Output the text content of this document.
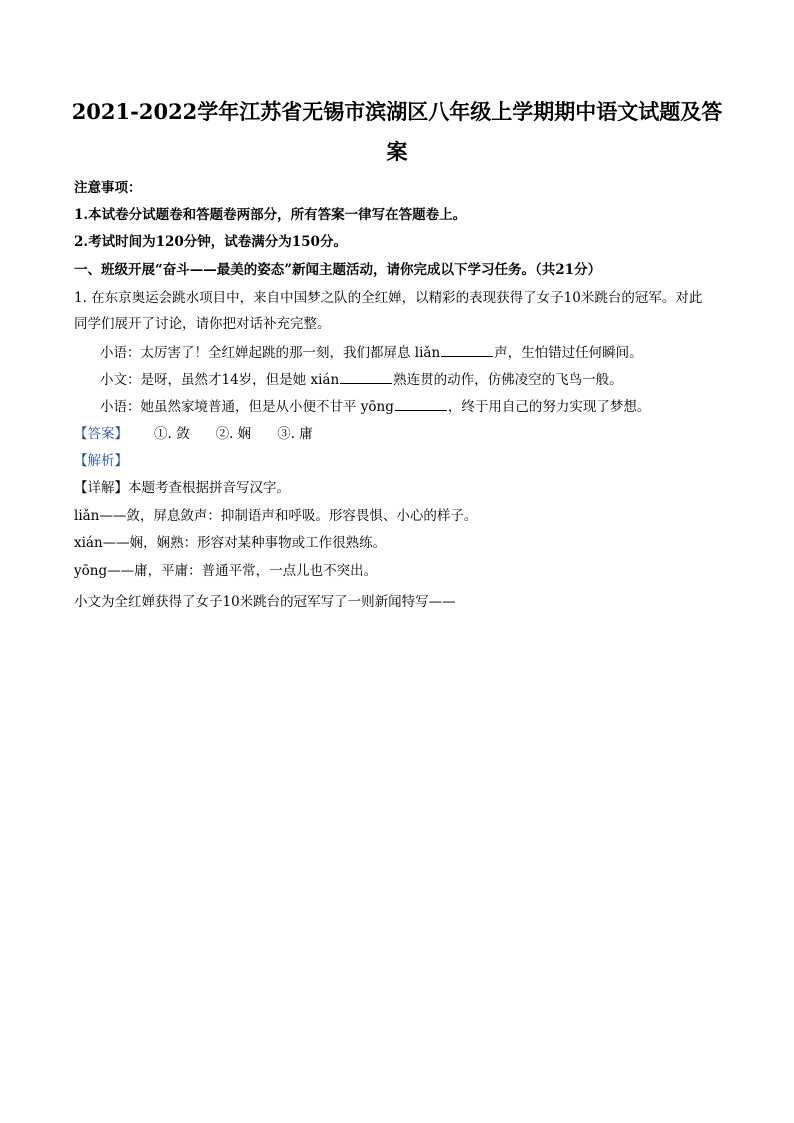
2021-2022学年江苏省无锡市滨湖区八年级上学期期中语文试题及答
案
注意事项：
1.本试卷分试题卷和答题卷两部分，所有答案一律写在答题卷上。
2.考试时间为120分钟，试卷满分为150分。
一、班级开展“奋斗——最美的姿态”新闻主题活动，请你完成以下学习任务。（共21分）
1. 在东京奥运会跳水项目中，来自中国梦之队的全红婵，以精彩的表现获得了女子10米跳台的冠军。对此
同学们展开了讨论，请你把对话补充完整。
小语：太厉害了！全红婵起跳的那一刻，我们都屏息 liǎn	声，生怕错过任何瞬间。
小文：是呀，虽然才14岁，但是她 xián	熟连贯的动作，仿佛凌空的飞鸟一般。
小语：她虽然家境普通，但是从小便不甘平 yōng	，终于用自己的努力实现了梦想。
【答案】 ①. 敛 ②. 娴 ③. 庸
【解析】
【详解】本题考查根据拼音写汉字。
liǎn——敛，屏息敛声：抑制语声和呼吸。形容畏惧、小心的样子。
xián——娴，娴熟：形容对某种事物或工作很熟练。
yōng——庸，平庸：普通平常，一点儿也不突出。
小文为全红婵获得了女子10米跳台的冠军写了一则新闻特写——
